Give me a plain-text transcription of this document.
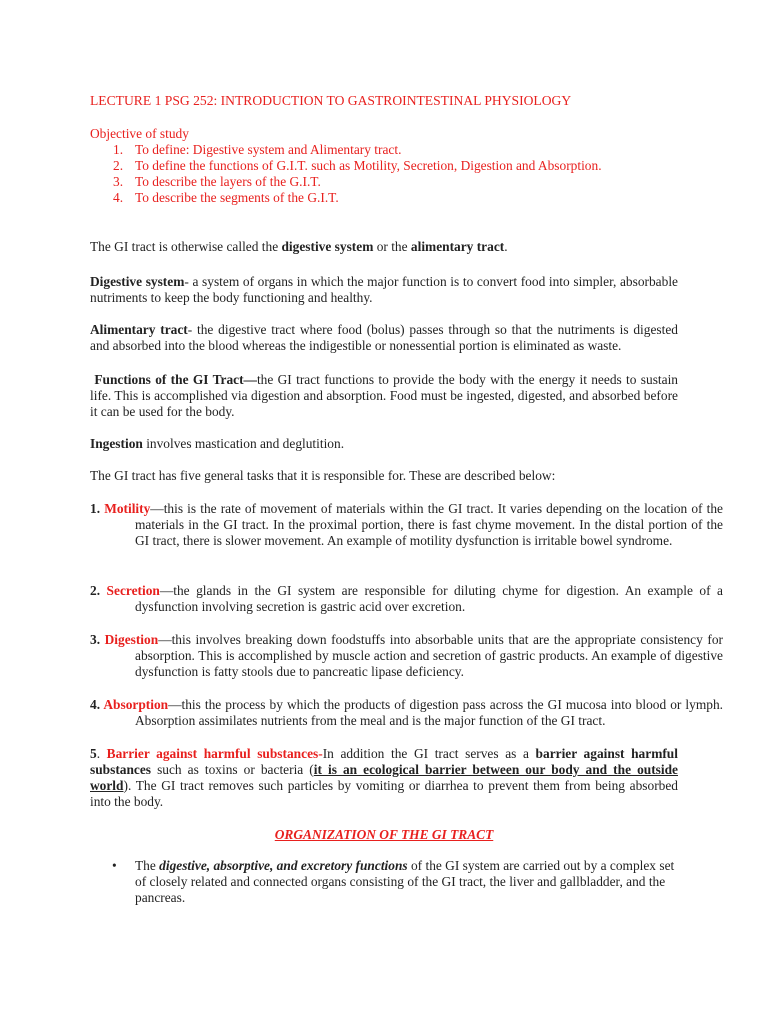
LECTURE 1 PSG 252: INTRODUCTION TO GASTROINTESTINAL PHYSIOLOGY

Objective of study

1. To define: Digestive system and Alimentary tract.
2. To define the functions of G.I.T. such as Motility, Secretion, Digestion and Absorption.
3. To describe the layers of the G.I.T.
4. To describe the segments of the G.I.T.

The GI tract is otherwise called the digestive system or the alimentary tract.

Digestive system- a system of organs in which the major function is to convert food into simpler, absorbable nutriments to keep the body functioning and healthy.

Alimentary tract- the digestive tract where food (bolus) passes through so that the nutriments is digested and absorbed into the blood whereas the indigestible or nonessential portion is eliminated as waste.

Functions of the GI Tract—the GI tract functions to provide the body with the energy it needs to sustain life. This is accomplished via digestion and absorption. Food must be ingested, digested, and absorbed before it can be used for the body.

Ingestion involves mastication and deglutition.

The GI tract has five general tasks that it is responsible for. These are described below:

1. Motility—this is the rate of movement of materials within the GI tract. It varies depending on the location of the materials in the GI tract. In the proximal portion, there is fast chyme movement. In the distal portion of the GI tract, there is slower movement. An example of motility dysfunction is irritable bowel syndrome.

2. Secretion—the glands in the GI system are responsible for diluting chyme for digestion. An example of a dysfunction involving secretion is gastric acid over excretion.

3. Digestion—this involves breaking down foodstuffs into absorbable units that are the appropriate consistency for absorption. This is accomplished by muscle action and secretion of gastric products. An example of digestive dysfunction is fatty stools due to pancreatic lipase deficiency.

4. Absorption—this the process by which the products of digestion pass across the GI mucosa into blood or lymph. Absorption assimilates nutrients from the meal and is the major function of the GI tract.

5. Barrier against harmful substances-In addition the GI tract serves as a barrier against harmful substances such as toxins or bacteria (it is an ecological barrier between our body and the outside world). The GI tract removes such particles by vomiting or diarrhea to prevent them from being absorbed into the body.

ORGANIZATION OF THE GI TRACT
• The digestive, absorptive, and excretory functions of the GI system are carried out by a complex set of closely related and connected organs consisting of the GI tract, the liver and gallbladder, and the pancreas.
